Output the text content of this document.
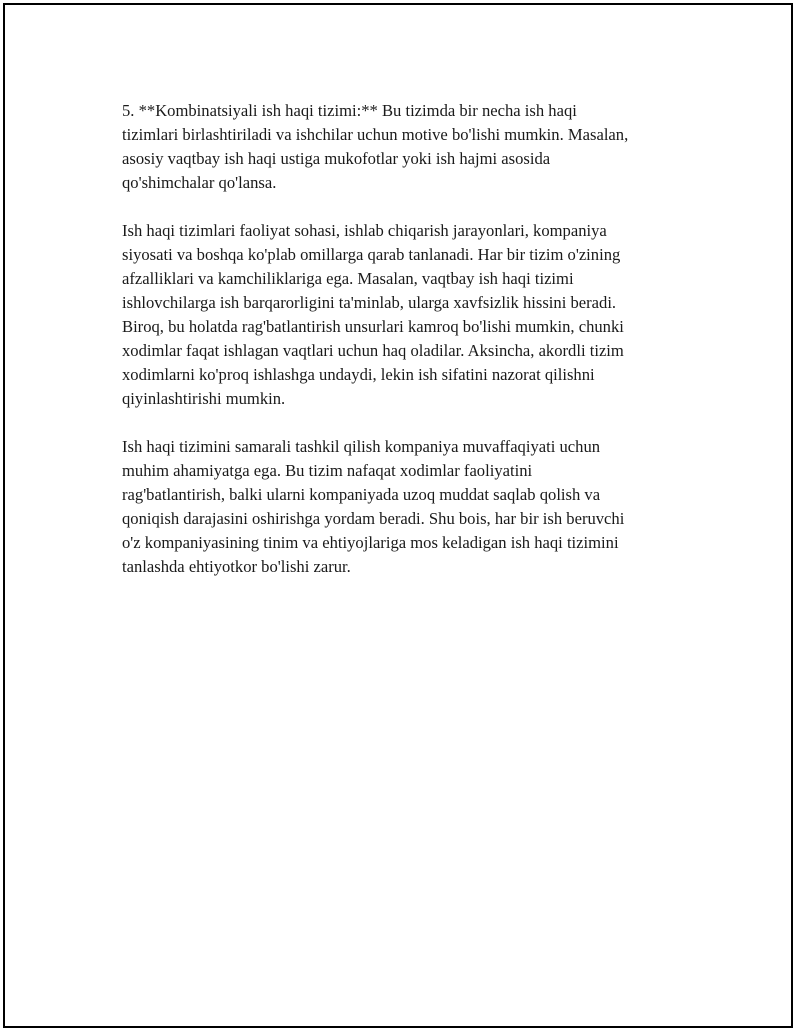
5. **Kombinatsiyali ish haqi tizimi:** Bu tizimda bir necha ish haqi
tizimlari birlashtiriladi va ishchilar uchun motive bo'lishi mumkin. Masalan,
asosiy vaqtbay ish haqi ustiga mukofotlar yoki ish hajmi asosida
qo'shimchalar qo'lansa.

Ish haqi tizimlari faoliyat sohasi, ishlab chiqarish jarayonlari, kompaniya
siyosati va boshqa ko'plab omillarga qarab tanlanadi. Har bir tizim o'zining
afzalliklari va kamchiliklariga ega. Masalan, vaqtbay ish haqi tizimi
ishlovchilarga ish barqarorligini ta'minlab, ularga xavfsizlik hissini beradi.
Biroq, bu holatda rag'batlantirish unsurlari kamroq bo'lishi mumkin, chunki
xodimlar faqat ishlagan vaqtlari uchun haq oladilar. Aksincha, akordli tizim
xodimlarni ko'proq ishlashga undaydi, lekin ish sifatini nazorat qilishni
qiyinlashtirishi mumkin.

Ish haqi tizimini samarali tashkil qilish kompaniya muvaffaqiyati uchun
muhim ahamiyatga ega. Bu tizim nafaqat xodimlar faoliyatini
rag'batlantirish, balki ularni kompaniyada uzoq muddat saqlab qolish va
qoniqish darajasini oshirishga yordam beradi. Shu bois, har bir ish beruvchi
o'z kompaniyasining tinim va ehtiyojlariga mos keladigan ish haqi tizimini
tanlashda ehtiyotkor bo'lishi zarur.
